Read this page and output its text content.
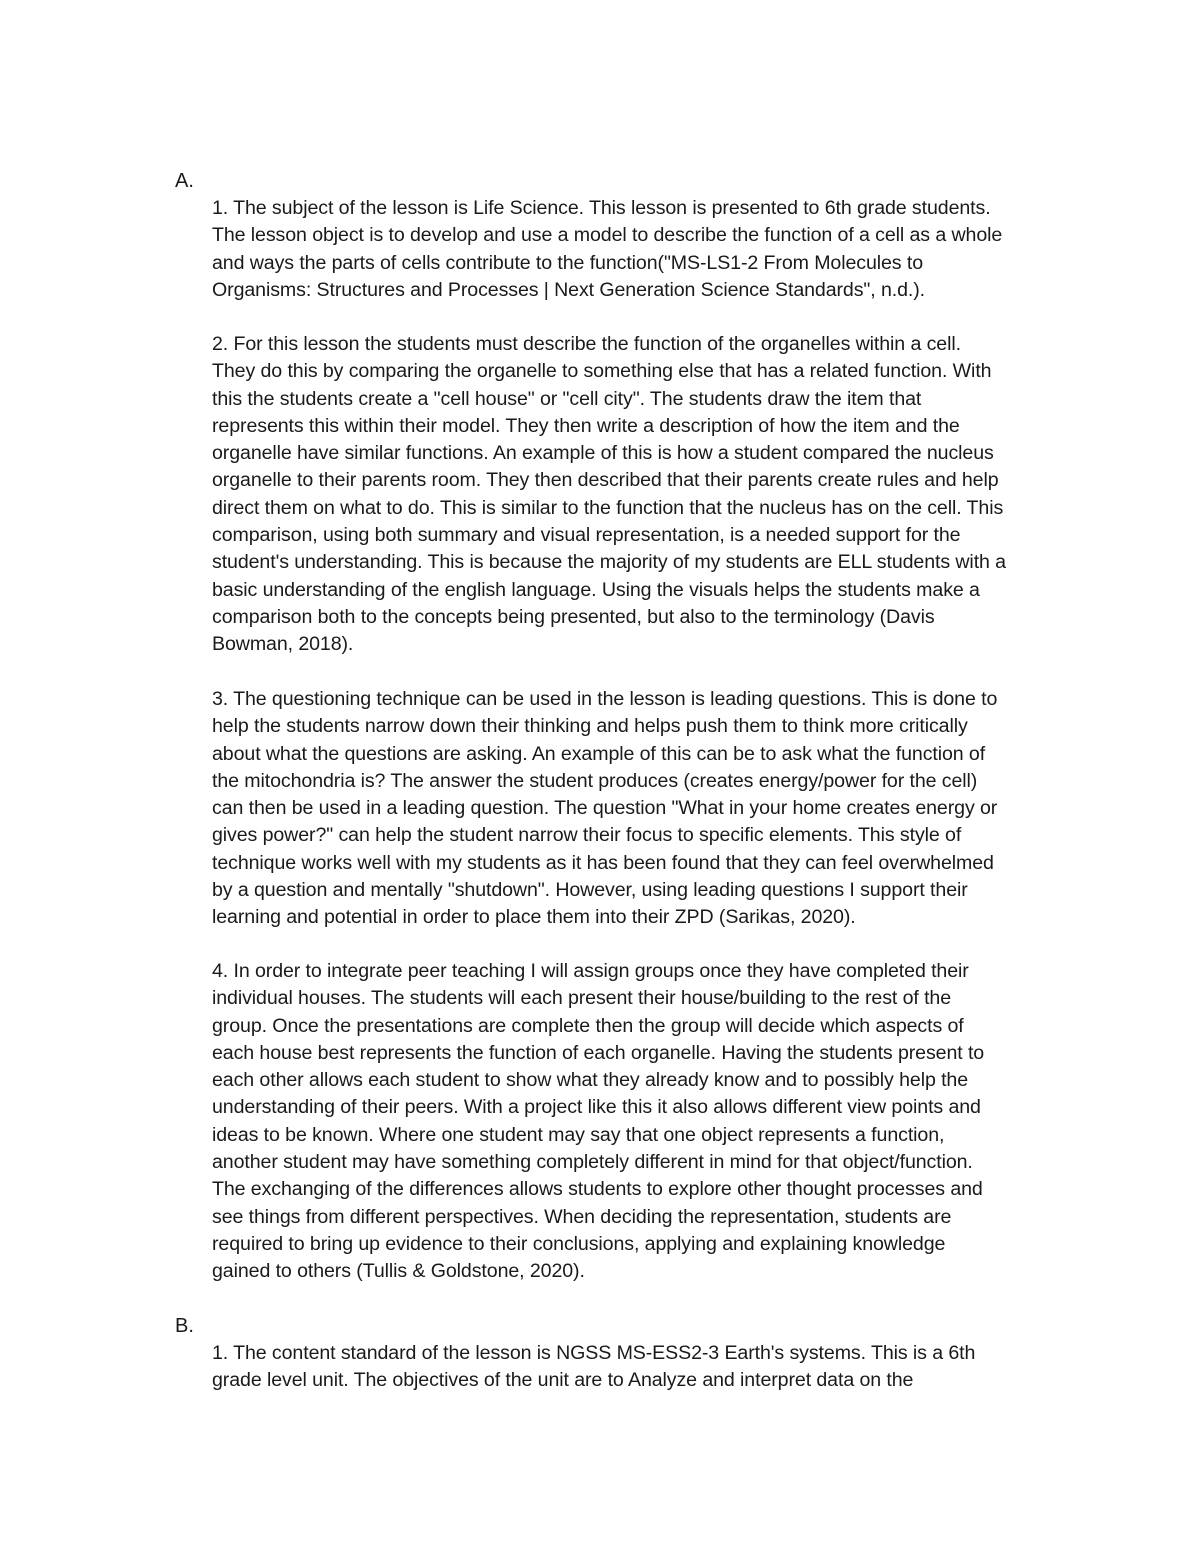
A.

1. The subject of the lesson is Life Science. This lesson is presented to 6th grade students.
The lesson object is to develop and use a model to describe the function of a cell as a whole
and ways the parts of cells contribute to the function("MS-LS1-2 From Molecules to
Organisms: Structures and Processes | Next Generation Science Standards", n.d.).

2. For this lesson the students must describe the function of the organelles within a cell.
They do this by comparing the organelle to something else that has a related function. With
this the students create a "cell house" or "cell city". The students draw the item that
represents this within their model. They then write a description of how the item and the
organelle have similar functions. An example of this is how a student compared the nucleus
organelle to their parents room. They then described that their parents create rules and help
direct them on what to do. This is similar to the function that the nucleus has on the cell. This
comparison, using both summary and visual representation, is a needed support for the
student's understanding. This is because the majority of my students are ELL students with a
basic understanding of the english language. Using the visuals helps the students make a
comparison both to the concepts being presented, but also to the terminology (Davis
Bowman, 2018).

3. The questioning technique can be used in the lesson is leading questions. This is done to
help the students narrow down their thinking and helps push them to think more critically
about what the questions are asking. An example of this can be to ask what the function of
the mitochondria is? The answer the student produces (creates energy/power for the cell)
can then be used in a leading question. The question "What in your home creates energy or
gives power?" can help the student narrow their focus to specific elements. This style of
technique works well with my students as it has been found that they can feel overwhelmed
by a question and mentally "shutdown". However, using leading questions I support their
learning and potential in order to place them into their ZPD (Sarikas, 2020).

4. In order to integrate peer teaching I will assign groups once they have completed their
individual houses. The students will each present their house/building to the rest of the
group. Once the presentations are complete then the group will decide which aspects of
each house best represents the function of each organelle. Having the students present to
each other allows each student to show what they already know and to possibly help the
understanding of their peers. With a project like this it also allows different view points and
ideas to be known. Where one student may say that one object represents a function,
another student may have something completely different in mind for that object/function.
The exchanging of the differences allows students to explore other thought processes and
see things from different perspectives. When deciding the representation, students are
required to bring up evidence to their conclusions, applying and explaining knowledge
gained to others (Tullis & Goldstone, 2020).

B.

1. The content standard of the lesson is NGSS MS-ESS2-3 Earth's systems. This is a 6th
grade level unit. The objectives of the unit are to Analyze and interpret data on the
